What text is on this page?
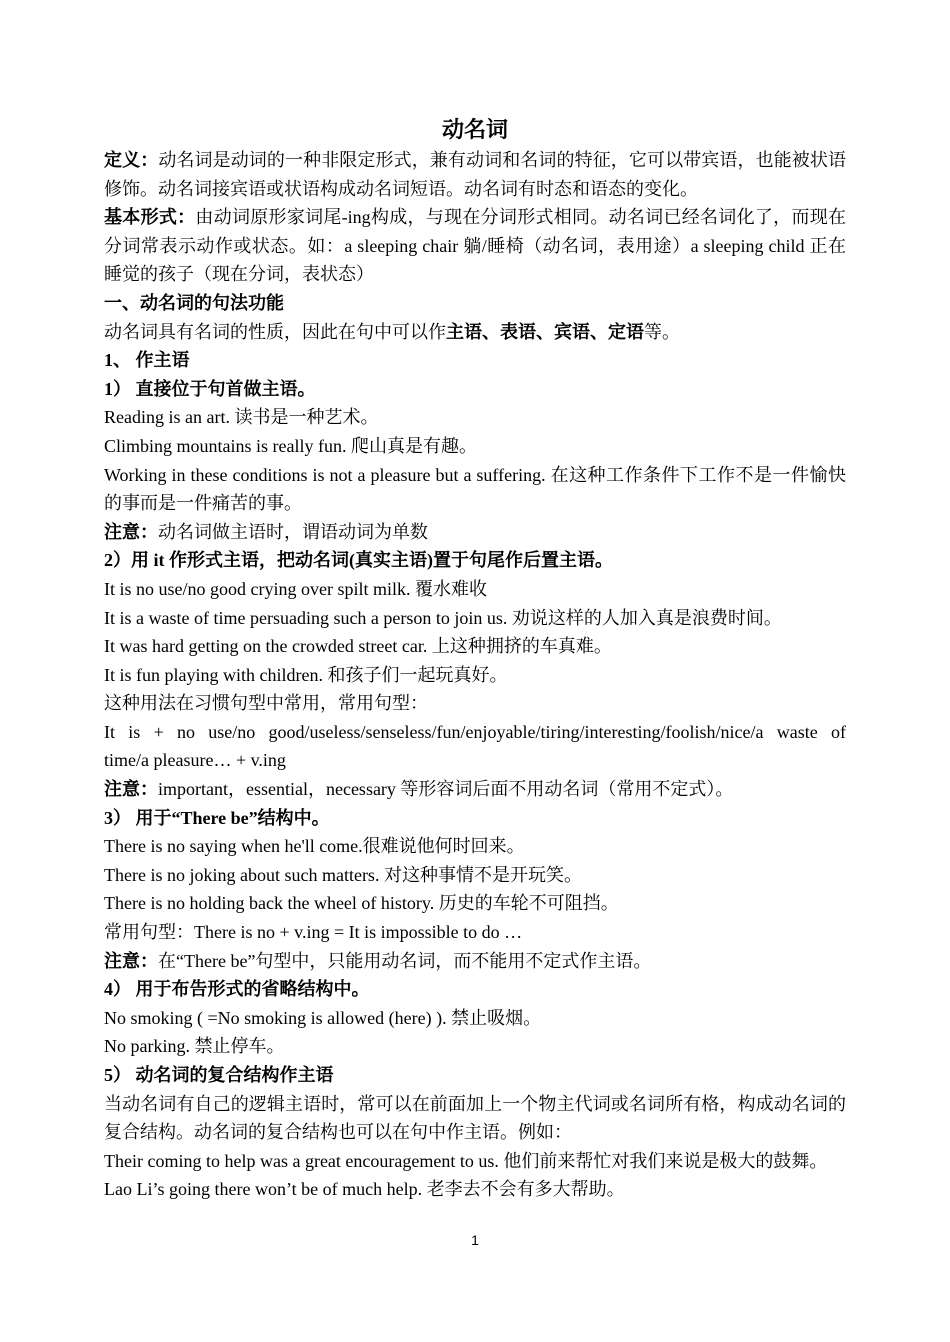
动名词

定义：动名词是动词的一种非限定形式，兼有动词和名词的特征，它可以带宾语，也能被状语修饰。动名词接宾语或状语构成动名词短语。动名词有时态和语态的变化。

基本形式：由动词原形家词尾-ing构成，与现在分词形式相同。动名词已经名词化了，而现在分词常表示动作或状态。如：a sleeping chair 躺/睡椅（动名词，表用途）a sleeping child 正在睡觉的孩子（现在分词，表状态）

一、动名词的句法功能

动名词具有名词的性质，因此在句中可以作主语、表语、宾语、定语等。

1、 作主语

1） 直接位于句首做主语。

Reading is an art. 读书是一种艺术。

Climbing mountains is really fun. 爬山真是有趣。

Working in these conditions is not a pleasure but a suffering. 在这种工作条件下工作不是一件愉快的事而是一件痛苦的事。

注意：动名词做主语时，谓语动词为单数

2）用 it 作形式主语，把动名词(真实主语)置于句尾作后置主语。

It is no use/no good crying over spilt milk. 覆水难收

It is a waste of time persuading such a person to join us. 劝说这样的人加入真是浪费时间。

It was hard getting on the crowded street car. 上这种拥挤的车真难。

It is fun playing with children. 和孩子们一起玩真好。

这种用法在习惯句型中常用，常用句型：

It is + no use/no good/useless/senseless/fun/enjoyable/tiring/interesting/foolish/nice/a waste of

time/a pleasure… + v.ing

注意：important，essential，necessary 等形容词后面不用动名词（常用不定式）。

3） 用于“There be”结构中。

There is no saying when he'll come.很难说他何时回来。

There is no joking about such matters. 对这种事情不是开玩笑。

There is no holding back the wheel of history. 历史的车轮不可阻挡。

常用句型：There is no + v.ing = It is impossible to do …

注意：在“There be”句型中，只能用动名词，而不能用不定式作主语。

4） 用于布告形式的省略结构中。

No smoking ( =No smoking is allowed (here) ). 禁止吸烟。

No parking. 禁止停车。

5） 动名词的复合结构作主语

当动名词有自己的逻辑主语时，常可以在前面加上一个物主代词或名词所有格，构成动名词的复合结构。动名词的复合结构也可以在句中作主语。例如：

Their coming to help was a great encouragement to us. 他们前来帮忙对我们来说是极大的鼓舞。

Lao Li’s going there won’t be of much help. 老李去不会有多大帮助。

1
